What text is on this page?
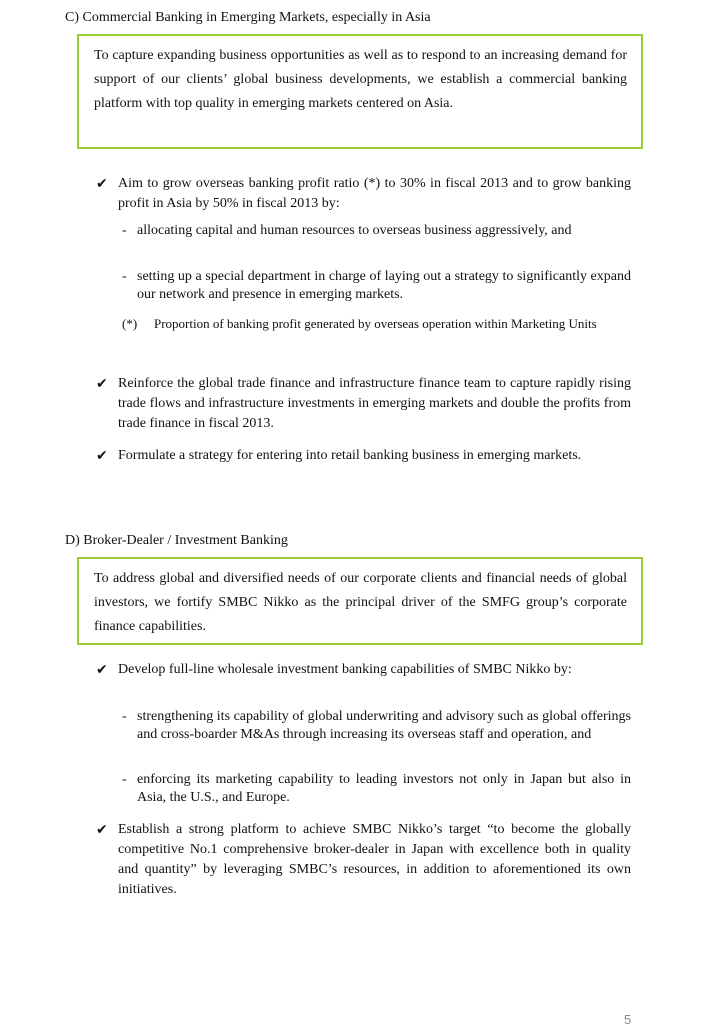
C) Commercial Banking in Emerging Markets, especially in Asia
To capture expanding business opportunities as well as to respond to an increasing demand for support of our clients’ global business developments, we establish a commercial banking platform with top quality in emerging markets centered on Asia.
✔ Aim to grow overseas banking profit ratio (*) to 30% in fiscal 2013 and to grow banking profit in Asia by 50% in fiscal 2013 by:
- allocating capital and human resources to overseas business aggressively, and
- setting up a special department in charge of laying out a strategy to significantly expand our network and presence in emerging markets.
(*) Proportion of banking profit generated by overseas operation within Marketing Units
✔ Reinforce the global trade finance and infrastructure finance team to capture rapidly rising trade flows and infrastructure investments in emerging markets and double the profits from trade finance in fiscal 2013.
✔ Formulate a strategy for entering into retail banking business in emerging markets.
D) Broker-Dealer / Investment Banking
To address global and diversified needs of our corporate clients and financial needs of global investors, we fortify SMBC Nikko as the principal driver of the SMFG group’s corporate finance capabilities.
✔ Develop full-line wholesale investment banking capabilities of SMBC Nikko by:
- strengthening its capability of global underwriting and advisory such as global offerings and cross-boarder M&As through increasing its overseas staff and operation, and
- enforcing its marketing capability to leading investors not only in Japan but also in Asia, the U.S., and Europe.
✔ Establish a strong platform to achieve SMBC Nikko’s target “to become the globally competitive No.1 comprehensive broker-dealer in Japan with excellence both in quality and quantity” by leveraging SMBC’s resources, in addition to aforementioned its own initiatives.
5
